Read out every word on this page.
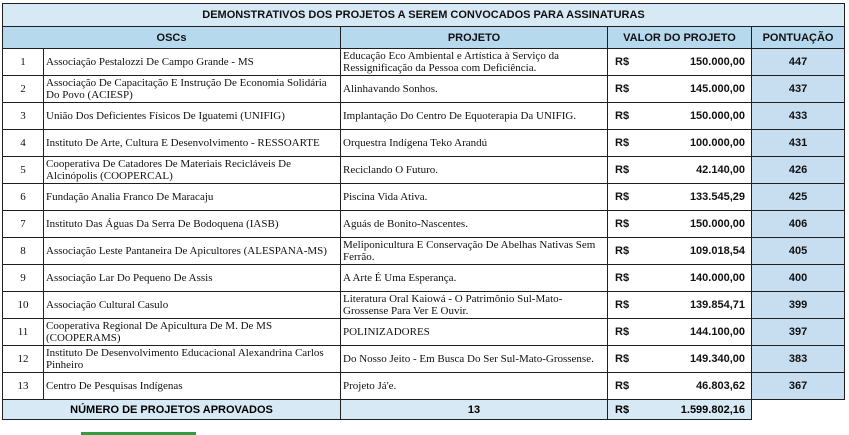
DEMONSTRATIVOS DOS PROJETOS A SEREM CONVOCADOS PARA ASSINATURAS					
OSCs		PROJETO	VALOR DO PROJETO		PONTUAÇÃO
1	Associação Pestalozzi De Campo Grande - MS	Educação Eco Ambiental e Artística à Serviço da Ressignificação da Pessoa com Deficiência.	R$	150.000,00	447
2	Associação De Capacitação E Instrução De Economia Solidária Do Povo (ACIESP)	Alinhavando Sonhos.	R$	145.000,00	437
3	União Dos Deficientes Físicos De Iguatemi (UNIFIG)	Implantação Do Centro De Equoterapia Da UNIFIG.	R$	150.000,00	433
4	Instituto De Arte, Cultura E Desenvolvimento - RESSOARTE	Orquestra Indígena Teko Arandú	R$	100.000,00	431
5	Cooperativa De Catadores De Materiais Recicláveis De Alcinópolis (COOPERCAL)	Reciclando O Futuro.	R$	42.140,00	426
6	Fundação Analia Franco De Maracaju	Piscina Vida Ativa.	R$	133.545,29	425
7	Instituto Das Águas Da Serra De Bodoquena (IASB)	Aguás de Bonito-Nascentes.	R$	150.000,00	406
8	Associação Leste Pantaneira De Apicultores (ALESPANA-MS)	Meliponicultura E Conservação De Abelhas Nativas Sem Ferrão.	R$	109.018,54	405
9	Associação Lar Do Pequeno De Assis	A Arte É Uma Esperança.	R$	140.000,00	400
10	Associação Cultural Casulo	Literatura Oral Kaiowá - O Patrimônio Sul-Mato-Grossense Para Ver E Ouvir.	R$	139.854,71	399
11	Cooperativa Regional De Apicultura De M. De MS (COOPERAMS)	POLINIZADORES	R$	144.100,00	397
12	Instituto De Desenvolvimento Educacional Alexandrina Carlos Pinheiro	Do Nosso Jeito - Em Busca Do Ser Sul-Mato-Grossense.	R$	149.340,00	383
13	Centro De Pesquisas Indígenas	Projeto Já'e.	R$	46.803,62	367
NÚMERO DE PROJETOS APROVADOS		13	R$	1.599.802,16	
